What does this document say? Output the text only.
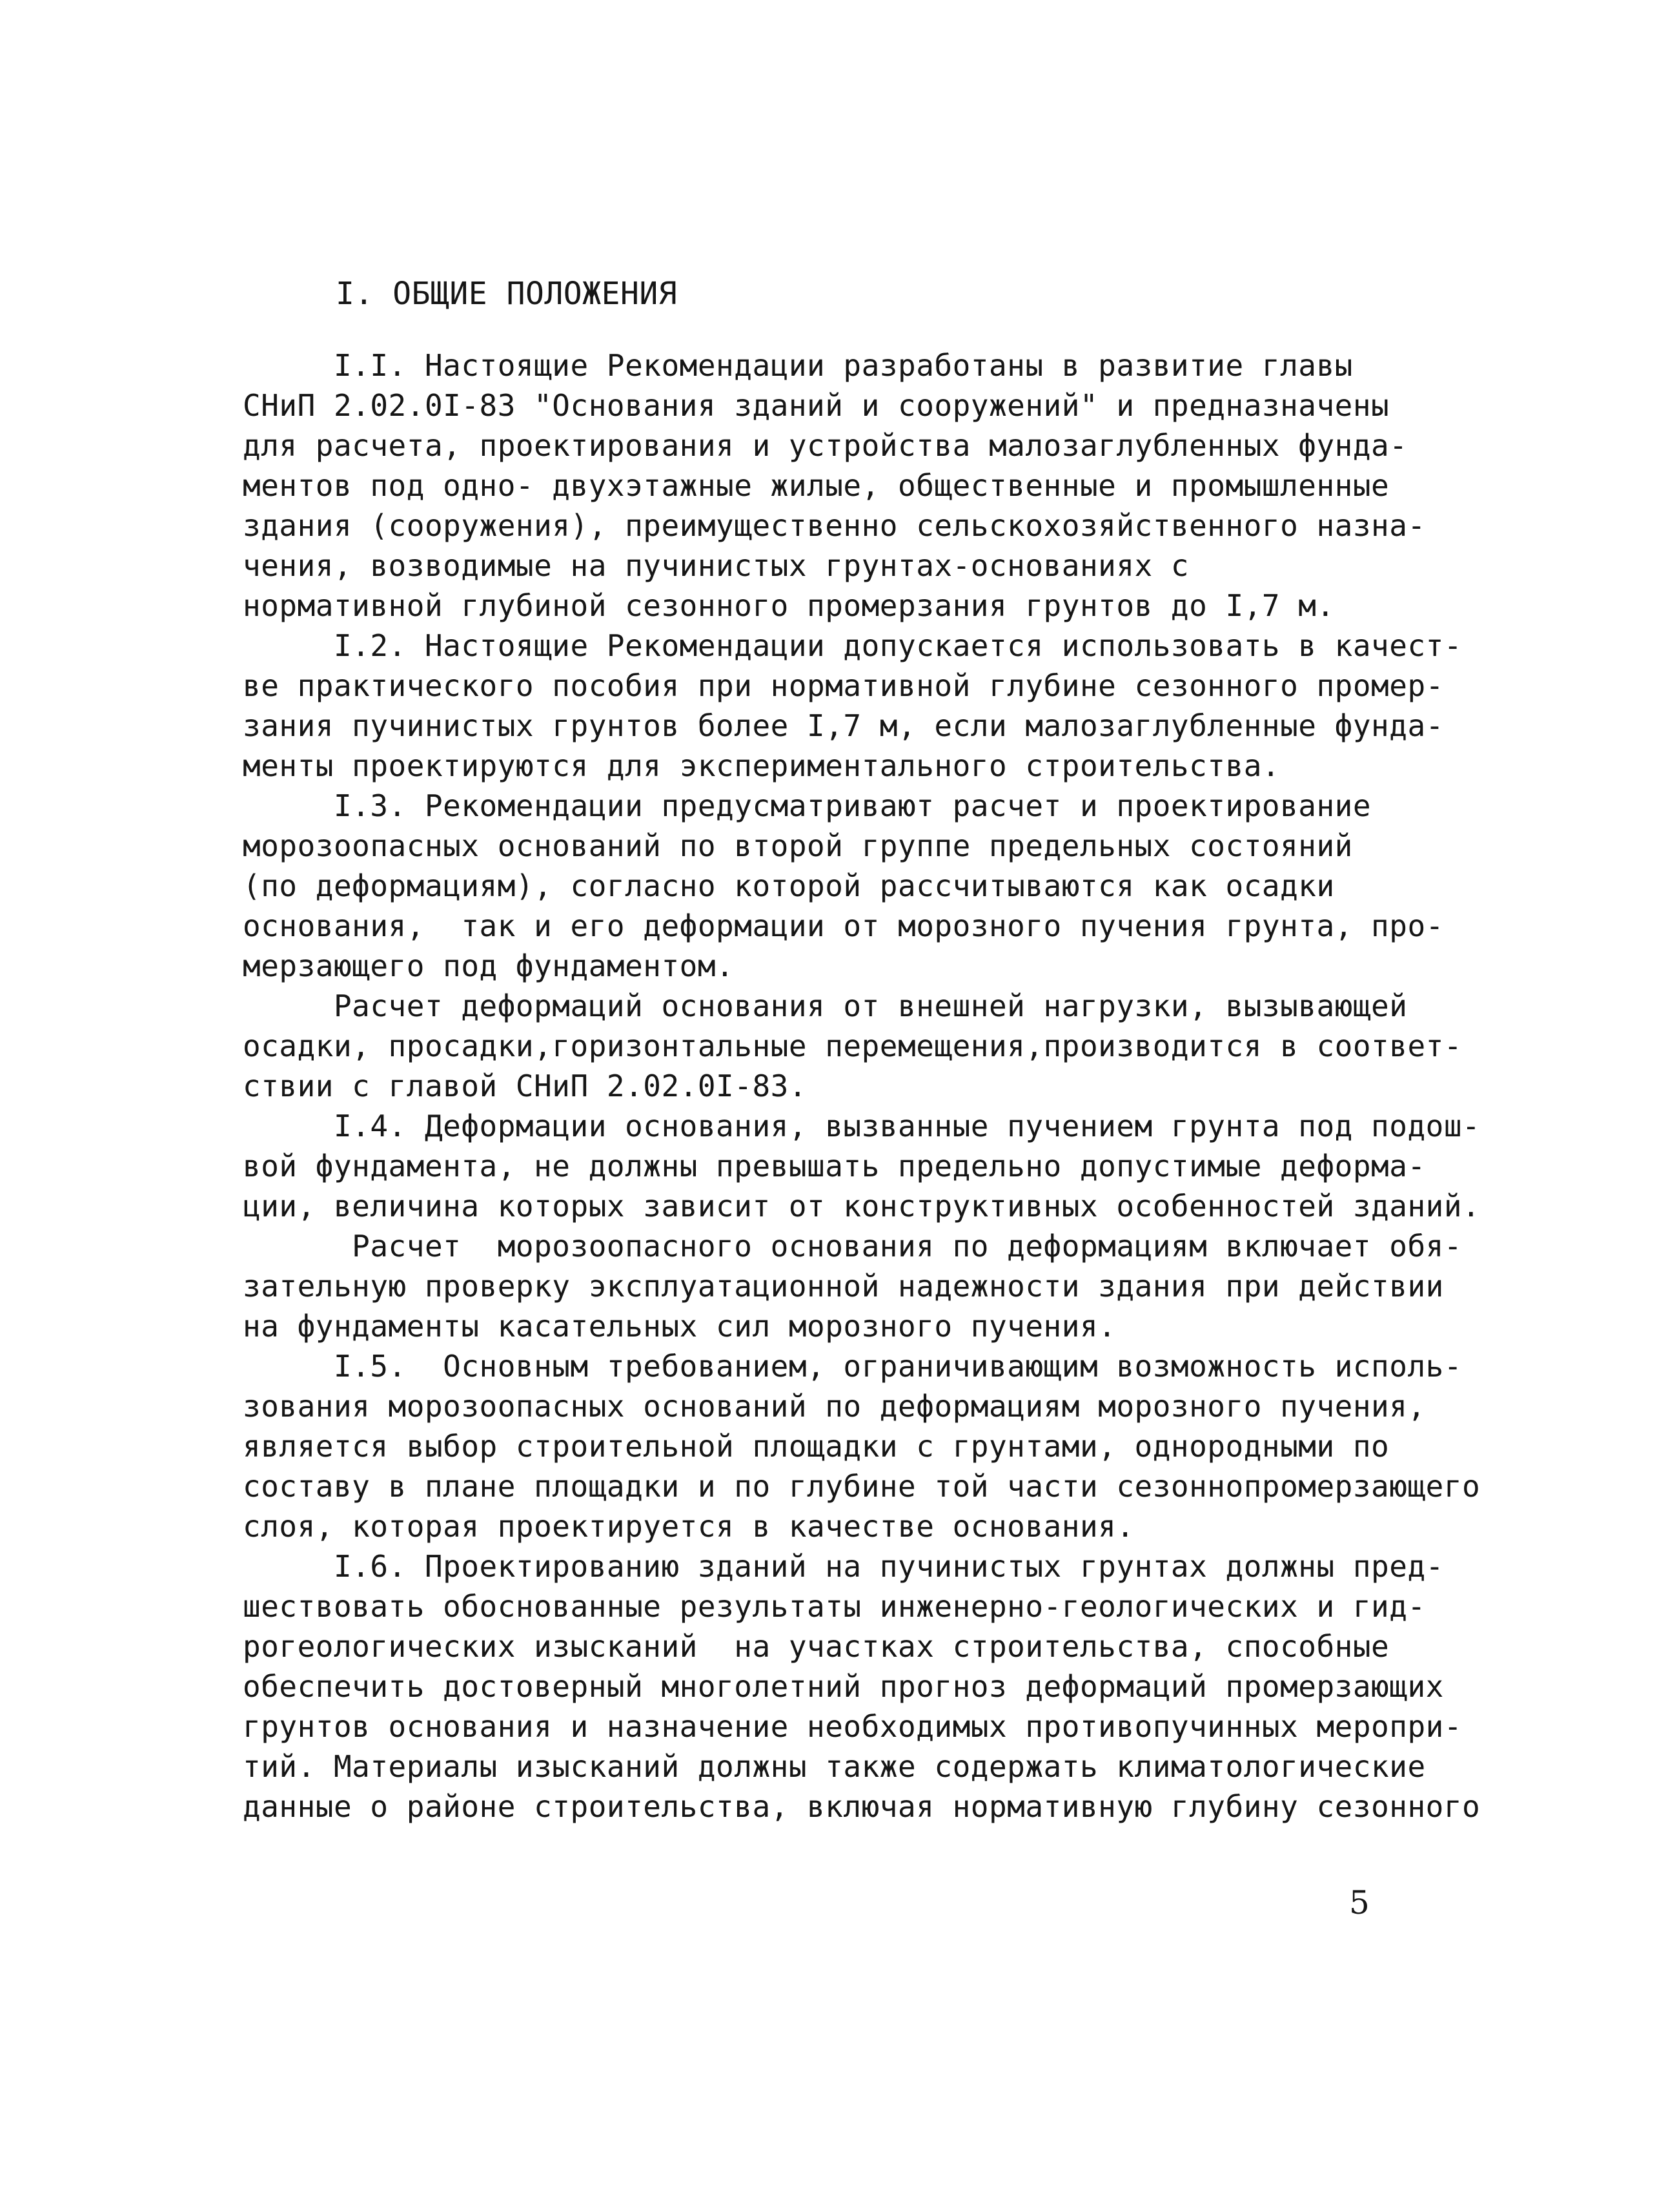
I. ОБЩИЕ ПОЛОЖЕНИЯ
I.I. Настоящие Рекомендации разработаны в развитие главы
СНиП 2.02.0I-83 "Основания зданий и сооружений" и предназначены
для расчета, проектирования и устройства малозаглубленных фунда-
ментов под одно- двухэтажные жилые, общественные и промышленные
здания (сооружения), преимущественно сельскохозяйственного назна-
чения, возводимые на пучинистых грунтах-основаниях с
нормативной глубиной сезонного промерзания грунтов до I,7 м.
I.2. Настоящие Рекомендации допускается использовать в качест-
ве практического пособия при нормативной глубине сезонного промер-
зания пучинистых грунтов более I,7 м, если малозаглубленные фунда-
менты проектируются для экспериментального строительства.
I.3. Рекомендации предусматривают расчет и проектирование
морозоопасных оснований по второй группе предельных состояний
(по деформациям), согласно которой рассчитываются как осадки
основания,  так и его деформации от морозного пучения грунта, про-
мерзающего под фундаментом.
Расчет деформаций основания от внешней нагрузки, вызывающей
осадки, просадки,горизонтальные перемещения,производится в соответ-
ствии с главой СНиП 2.02.0I-83.
I.4. Деформации основания, вызванные пучением грунта под подош-
вой фундамента, не должны превышать предельно допустимые деформа-
ции, величина которых зависит от конструктивных особенностей зданий.
Расчет  морозоопасного основания по деформациям включает обя-
зательную проверку эксплуатационной надежности здания при действии
на фундаменты касательных сил морозного пучения.
I.5.  Основным требованием, ограничивающим возможность исполь-
зования морозоопасных оснований по деформациям морозного пучения,
является выбор строительной площадки с грунтами, однородными по
составу в плане площадки и по глубине той части сезоннопромерзающего
слоя, которая проектируется в качестве основания.
I.6. Проектированию зданий на пучинистых грунтах должны пред-
шествовать обоснованные результаты инженерно-геологических и гид-
рогеологических изысканий  на участках строительства, способные
обеспечить достоверный многолетний прогноз деформаций промерзающих
грунтов основания и назначение необходимых противопучинных меропри-
тий. Материалы изысканий должны также содержать климатологические
данные о районе строительства, включая нормативную глубину сезонного
5
